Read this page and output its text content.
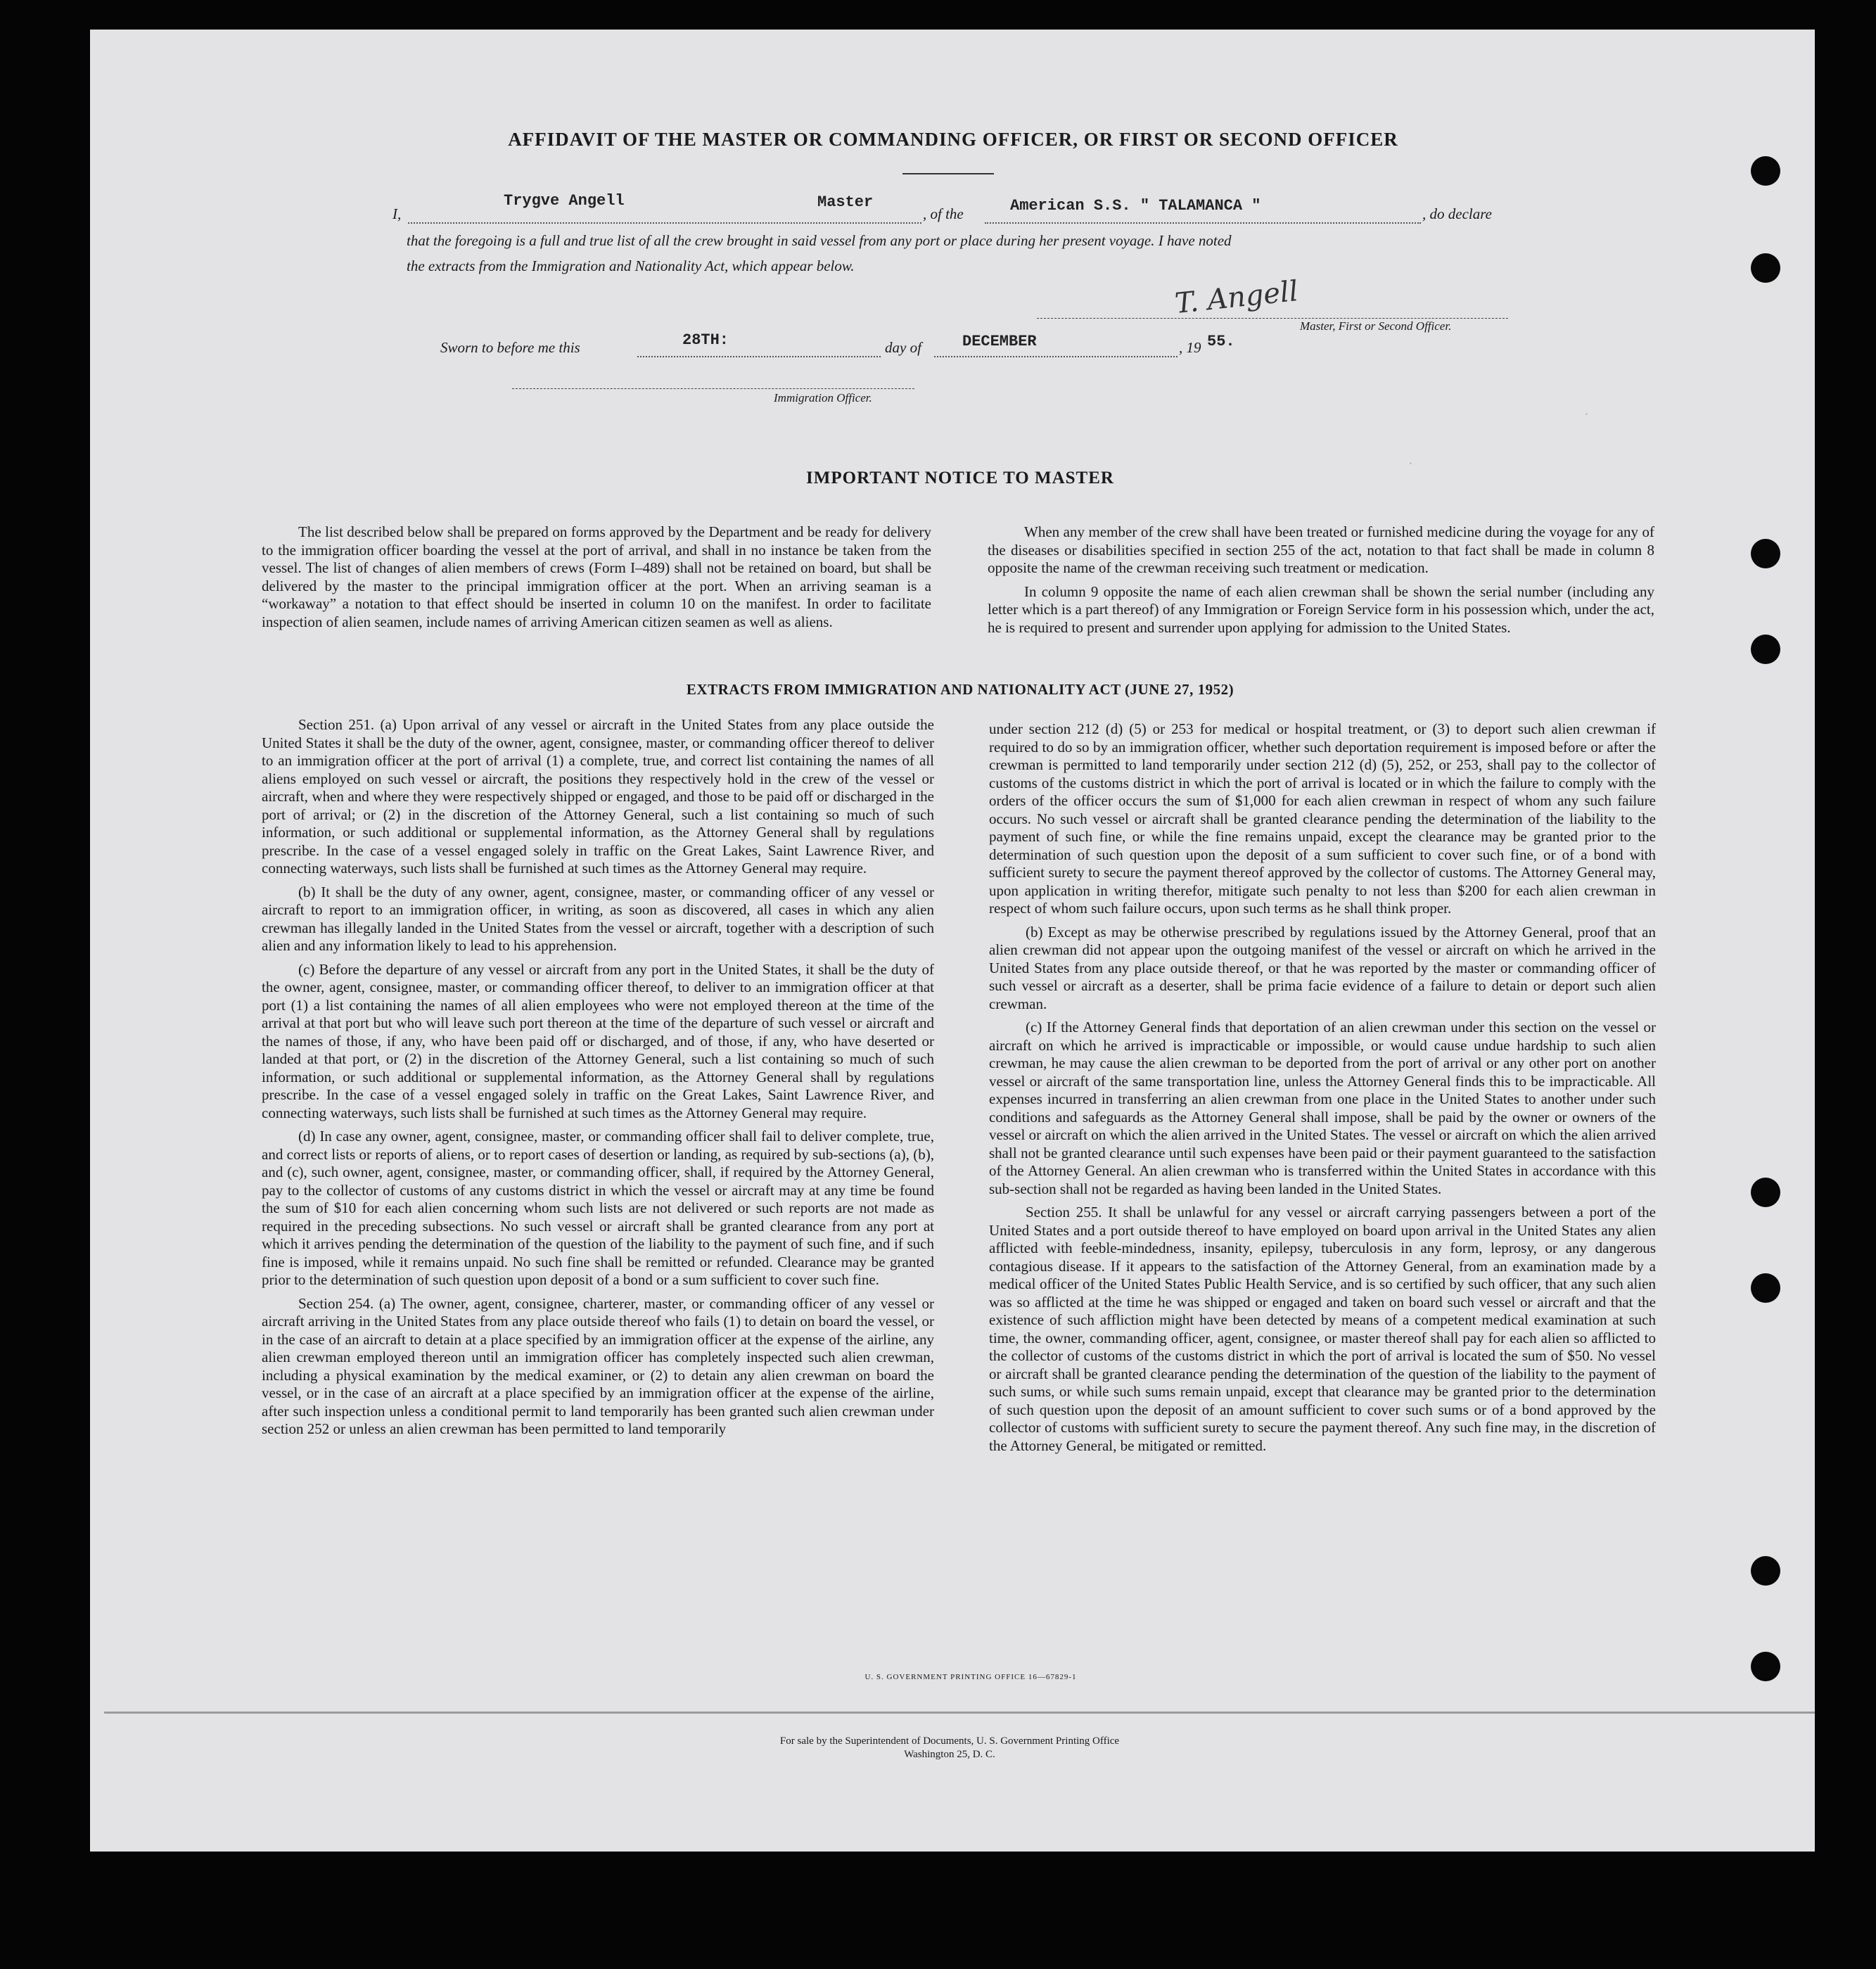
AFFIDAVIT OF THE MASTER OR COMMANDING OFFICER, OR FIRST OR SECOND OFFICER
I,
Trygve Angell	Master
, of the	American S.S. " TALAMANCA "	, do declare
that the foregoing is a full and true list of all the crew brought in said vessel from any port or place during her present voyage. I have noted
the extracts from the Immigration and Nationality Act, which appear below.
T. Angell
Master, First or Second Officer.
Sworn to before me this	28TH:	day of	DECEMBER	, 19 55.
Immigration Officer.
·
·
IMPORTANT NOTICE TO MASTER

The list described below shall be prepared on forms approved by the Department and be ready for delivery to the immigration officer boarding the vessel at the port of arrival, and shall in no instance be taken from the vessel. The list of changes of alien members of crews (Form I–489) shall not be retained on board, but shall be delivered by the master to the principal immigration officer at the port. When an arriving seaman is a “workaway” a notation to that effect should be inserted in column 10 on the manifest. In order to facilitate inspection of alien seamen, include names of arriving American citizen seamen as well as aliens.

When any member of the crew shall have been treated or furnished medicine during the voyage for any of the diseases or disabilities specified in section 255 of the act, notation to that fact shall be made in column 8 opposite the name of the crewman receiving such treatment or medication.

In column 9 opposite the name of each alien crewman shall be shown the serial number (including any letter which is a part thereof) of any Immigration or Foreign Service form in his possession which, under the act, he is required to present and surrender upon applying for admission to the United States.

EXTRACTS FROM IMMIGRATION AND NATIONALITY ACT (JUNE 27, 1952)

Section 251. (a) Upon arrival of any vessel or aircraft in the United States from any place outside the United States it shall be the duty of the owner, agent, consignee, master, or commanding officer thereof to deliver to an immigration officer at the port of arrival (1) a complete, true, and correct list containing the names of all aliens employed on such vessel or aircraft, the positions they respectively hold in the crew of the vessel or aircraft, when and where they were respectively shipped or engaged, and those to be paid off or discharged in the port of arrival; or (2) in the discretion of the Attorney General, such a list containing so much of such information, or such additional or supplemental information, as the Attorney General shall by regulations prescribe. In the case of a vessel engaged solely in traffic on the Great Lakes, Saint Lawrence River, and connecting waterways, such lists shall be furnished at such times as the Attorney General may require.

(b) It shall be the duty of any owner, agent, consignee, master, or commanding officer of any vessel or aircraft to report to an immigration officer, in writing, as soon as discovered, all cases in which any alien crewman has illegally landed in the United States from the vessel or aircraft, together with a description of such alien and any information likely to lead to his apprehension.

(c) Before the departure of any vessel or aircraft from any port in the United States, it shall be the duty of the owner, agent, consignee, master, or commanding officer thereof, to deliver to an immigration officer at that port (1) a list containing the names of all alien employees who were not employed thereon at the time of the arrival at that port but who will leave such port thereon at the time of the departure of such vessel or aircraft and the names of those, if any, who have been paid off or discharged, and of those, if any, who have deserted or landed at that port, or (2) in the discretion of the Attorney General, such a list containing so much of such information, or such additional or supplemental information, as the Attorney General shall by regulations prescribe. In the case of a vessel engaged solely in traffic on the Great Lakes, Saint Lawrence River, and connecting waterways, such lists shall be furnished at such times as the Attorney General may require.

(d) In case any owner, agent, consignee, master, or commanding officer shall fail to deliver complete, true, and correct lists or reports of aliens, or to report cases of desertion or landing, as required by sub-sections (a), (b), and (c), such owner, agent, consignee, master, or commanding officer, shall, if required by the Attorney General, pay to the collector of customs of any customs district in which the vessel or aircraft may at any time be found the sum of $10 for each alien concerning whom such lists are not delivered or such reports are not made as required in the preceding subsections. No such vessel or aircraft shall be granted clearance from any port at which it arrives pending the determination of the question of the liability to the payment of such fine, and if such fine is imposed, while it remains unpaid. No such fine shall be remitted or refunded. Clearance may be granted prior to the determination of such question upon deposit of a bond or a sum sufficient to cover such fine.

Section 254. (a) The owner, agent, consignee, charterer, master, or commanding officer of any vessel or aircraft arriving in the United States from any place outside thereof who fails (1) to detain on board the vessel, or in the case of an aircraft to detain at a place specified by an immigration officer at the expense of the airline, any alien crewman employed thereon until an immigration officer has completely inspected such alien crewman, including a physical examination by the medical examiner, or (2) to detain any alien crewman on board the vessel, or in the case of an aircraft at a place specified by an immigration officer at the expense of the airline, after such inspection unless a conditional permit to land temporarily has been granted such alien crewman under section 252 or unless an alien crewman has been permitted to land temporarily

under section 212 (d) (5) or 253 for medical or hospital treatment, or (3) to deport such alien crewman if required to do so by an immigration officer, whether such deportation requirement is imposed before or after the crewman is permitted to land temporarily under section 212 (d) (5), 252, or 253, shall pay to the collector of customs of the customs district in which the port of arrival is located or in which the failure to comply with the orders of the officer occurs the sum of $1,000 for each alien crewman in respect of whom any such failure occurs. No such vessel or aircraft shall be granted clearance pending the determination of the liability to the payment of such fine, or while the fine remains unpaid, except the clearance may be granted prior to the determination of such question upon the deposit of a sum sufficient to cover such fine, or of a bond with sufficient surety to secure the payment thereof approved by the collector of customs. The Attorney General may, upon application in writing therefor, mitigate such penalty to not less than $200 for each alien crewman in respect of whom such failure occurs, upon such terms as he shall think proper.

(b) Except as may be otherwise prescribed by regulations issued by the Attorney General, proof that an alien crewman did not appear upon the outgoing manifest of the vessel or aircraft on which he arrived in the United States from any place outside thereof, or that he was reported by the master or commanding officer of such vessel or aircraft as a deserter, shall be prima facie evidence of a failure to detain or deport such alien crewman.

(c) If the Attorney General finds that deportation of an alien crewman under this section on the vessel or aircraft on which he arrived is impracticable or impossible, or would cause undue hardship to such alien crewman, he may cause the alien crewman to be deported from the port of arrival or any other port on another vessel or aircraft of the same transportation line, unless the Attorney General finds this to be impracticable. All expenses incurred in transferring an alien crewman from one place in the United States to another under such conditions and safeguards as the Attorney General shall impose, shall be paid by the owner or owners of the vessel or aircraft on which the alien arrived in the United States. The vessel or aircraft on which the alien arrived shall not be granted clearance until such expenses have been paid or their payment guaranteed to the satisfaction of the Attorney General. An alien crewman who is transferred within the United States in accordance with this sub-section shall not be regarded as having been landed in the United States.

Section 255. It shall be unlawful for any vessel or aircraft carrying passengers between a port of the United States and a port outside thereof to have employed on board upon arrival in the United States any alien afflicted with feeble-mindedness, insanity, epilepsy, tuberculosis in any form, leprosy, or any dangerous contagious disease. If it appears to the satisfaction of the Attorney General, from an examination made by a medical officer of the United States Public Health Service, and is so certified by such officer, that any such alien was so afflicted at the time he was shipped or engaged and taken on board such vessel or aircraft and that the existence of such affliction might have been detected by means of a competent medical examination at such time, the owner, commanding officer, agent, consignee, or master thereof shall pay for each alien so afflicted to the collector of customs of the customs district in which the port of arrival is located the sum of $50. No vessel or aircraft shall be granted clearance pending the determination of the question of the liability to the payment of such sums, or while such sums remain unpaid, except that clearance may be granted prior to the determination of such question upon the deposit of an amount sufficient to cover such sums or of a bond approved by the collector of customs with sufficient surety to secure the payment thereof. Any such fine may, in the discretion of the Attorney General, be mitigated or remitted.

U. S. GOVERNMENT PRINTING OFFICE 16—67829-1
For sale by the Superintendent of Documents, U. S. Government Printing Office
Washington 25, D. C.
